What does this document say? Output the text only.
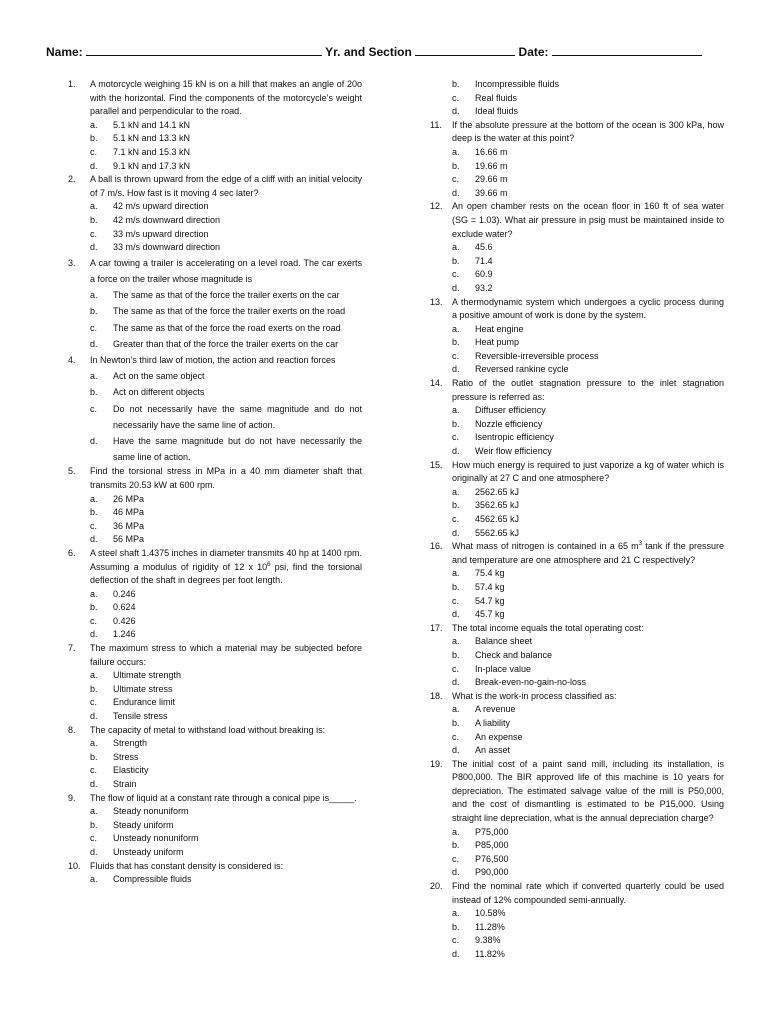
Name:	Yr. and Section	Date:
1. A motorcycle weighing 15 kN is on a hill that makes an angle of 20o with the horizontal. Find the components of the motorcycle’s weight parallel and perpendicular to the road.
a. 5.1 kN and 14.1 kN
b. 5.1 kN and 13.3 kN
c. 7.1 kN and 15.3 kN
d. 9.1 kN and 17.3 kN
2. A ball is thrown upward from the edge of a cliff with an initial velocity of 7 m/s. How fast is it moving 4 sec later?
a. 42 m/s upward direction
b. 42 m/s downward direction
c. 33 m/s upward direction
d. 33 m/s downward direction
3. A car towing a trailer is accelerating on a level road. The car exerts a force on the trailer whose magnitude is
a. The same as that of the force the trailer exerts on the car
b. The same as that of the force the trailer exerts on the road
c. The same as that of the force the road exerts on the road
d. Greater than that of the force the trailer exerts on the car
4. In Newton’s third law of motion, the action and reaction forces
a. Act on the same object
b. Act on different objects
c. Do not necessarily have the same magnitude and do not necessarily have the same line of action.
d. Have the same magnitude but do not have necessarily the same line of action.
5. Find the torsional stress in MPa in a 40 mm diameter shaft that transmits 20.53 kW at 600 rpm.
a. 26 MPa
b. 46 MPa
c. 36 MPa
d. 56 MPa
6. A steel shaft 1.4375 inches in diameter transmits 40 hp at 1400 rpm. Assuming a modulus of rigidity of 12 x $10^6$ psi, find the torsional deflection of the shaft in degrees per foot length.
a. 0.246
b. 0.624
c. 0.426
d. 1.246
7. The maximum stress to which a material may be subjected before failure occurs:
a. Ultimate strength
b. Ultimate stress
c. Endurance limit
d. Tensile stress
8. The capacity of metal to withstand load without breaking is:
a. Strength
b. Stress
c. Elasticity
d. Strain
9. The flow of liquid at a constant rate through a conical pipe is_____.
a. Steady nonuniform
b. Steady uniform
c. Unsteady nonuniform
d. Unsteady uniform
10. Fluids that has constant density is considered is:
a. Compressible fluids
b. Incompressible fluids
c. Real fluids
d. Ideal fluids
11. If the absolute pressure at the bottom of the ocean is 300 kPa, how deep is the water at this point?
a. 16.66 m
b. 19.66 m
c. 29.66 m
d. 39.66 m
12. An open chamber rests on the ocean floor in 160 ft of sea water (SG = 1.03). What air pressure in psig must be maintained inside to exclude water?
a. 45.6
b. 71.4
c. 60.9
d. 93.2
13. A thermodynamic system which undergoes a cyclic process during a positive amount of work is done by the system.
a. Heat engine
b. Heat pump
c. Reversible-irreversible process
d. Reversed rankine cycle
14. Ratio of the outlet stagnation pressure to the inlet stagnation pressure is referred as:
a. Diffuser efficiency
b. Nozzle efficiency
c. Isentropic efficiency
d. Weir flow efficiency
15. How much energy is required to just vaporize a kg of water which is originally at 27 C and one atmosphere?
a. 2562.65 kJ
b. 3562.65 kJ
c. 4562.65 kJ
d. 5562.65 kJ
16. What mass of nitrogen is contained in a 65 $m^3$ tank if the pressure and temperature are one atmosphere and 21 C respectively?
a. 75.4 kg
b. 57.4 kg
c. 54.7 kg
d. 45.7 kg
17. The total income equals the total operating cost:
a. Balance sheet
b. Check and balance
c. In-place value
d. Break-even-no-gain-no-loss
18. What is the work-in process classified as:
a. A revenue
b. A liability
c. An expense
d. An asset
19. The initial cost of a paint sand mill, including its installation, is P800,000. The BIR approved life of this machine is 10 years for depreciation. The estimated salvage value of the mill is P50,000, and the cost of dismantling is estimated to be P15,000. Using straight line depreciation, what is the annual depreciation charge?
a. P75,000
b. P85,000
c. P76,500
d. P90,000
20. Find the nominal rate which if converted quarterly could be used instead of 12% compounded semi-annually.
a. 10.58%
b. 11.28%
c. 9.38%
d. 11.82%
